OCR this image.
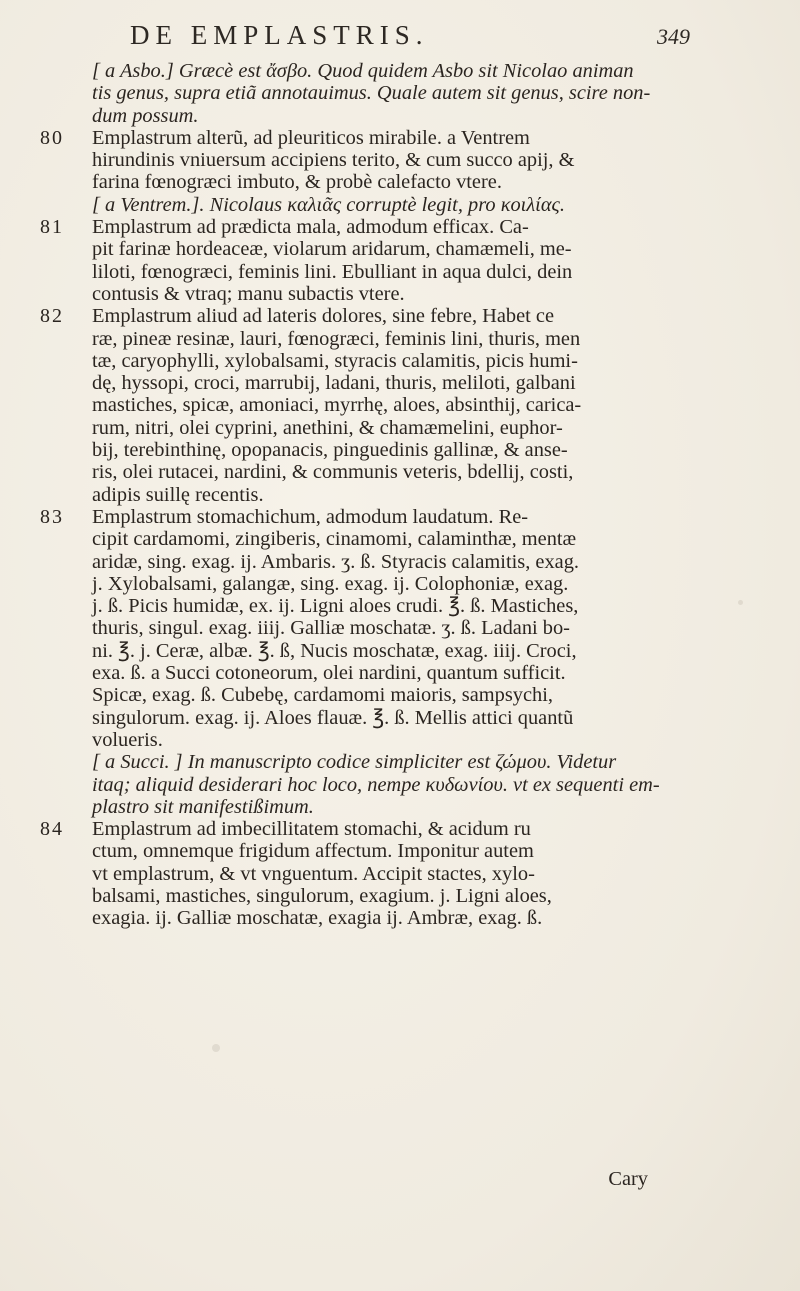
DE EMPLASTRIS.	349
[ a Asbo.] Græcè est ἄσβο. Quod quidem Asbo sit Nicolao animan
tis genus, supra etiã annotauimus. Quale autem sit genus, scire non-
dum possum.
80	Emplastrum alterũ, ad pleuriticos mirabile. a Ventrem
hirundinis vniuersum accipiens terito, & cum succo apij, &
farina fœnogræci imbuto, & probè calefacto vtere.
[ a Ventrem.]. Nicolaus καλιᾶς corruptè legit, pro κοιλίας.
81	Emplastrum ad prædicta mala, admodum efficax. Ca-
pit farinæ hordeaceæ, violarum aridarum, chamæmeli, me-
liloti, fœnogræci, feminis lini. Ebulliant in aqua dulci, dein
contusis & vtraq; manu subactis vtere.
82	Emplastrum aliud ad lateris dolores, sine febre, Habet ce
ræ, pineæ resinæ, lauri, fœnogræci, feminis lini, thuris, men
tæ, caryophylli, xylobalsami, styracis calamitis, picis humi-
dę, hyssopi, croci, marrubij, ladani, thuris, meliloti, galbani
mastiches, spicæ, amoniaci, myrrhę, aloes, absinthij, carica-
rum, nitri, olei cyprini, anethini, & chamæmelini, euphor-
bij, terebinthinę, opopanacis, pinguedinis gallinæ, & anse-
ris, olei rutacei, nardini, & communis veteris, bdellij, costi,
adipis suillę recentis.
83	Emplastrum stomachichum, admodum laudatum. Re-
cipit cardamomi, zingiberis, cinamomi, calaminthæ, mentæ
aridæ, sing. exag. ij. Ambaris. ʒ. ß. Styracis calamitis, exag.
j. Xylobalsami, galangæ, sing. exag. ij. Colophoniæ, exag.
j. ß. Picis humidæ, ex. ij. Ligni aloes crudi. ℥. ß. Mastiches,
thuris, singul. exag. iiij. Galliæ moschatæ. ʒ. ß. Ladani bo-
ni. ℥. j. Ceræ, albæ. ℥. ß, Nucis moschatæ, exag. iiij. Croci,
exa. ß. a Succi cotoneorum, olei nardini, quantum sufficit.
Spicæ, exag. ß. Cubebę, cardamomi maioris, sampsychi,
singulorum. exag. ij. Aloes flauæ. ℥. ß. Mellis attici quantũ
volueris.
[ a Succi. ] In manuscripto codice simpliciter est ζώμου. Videtur
itaq; aliquid desiderari hoc loco, nempe κυδωνίου. vt ex sequenti em-
plastro sit manifestißimum.
84	Emplastrum ad imbecillitatem stomachi, & acidum ru
ctum, omnemque frigidum affectum. Imponitur autem
vt emplastrum, & vt vnguentum. Accipit stactes, xylo-
balsami, mastiches, singulorum, exagium. j. Ligni aloes,
exagia. ij. Galliæ moschatæ, exagia ij. Ambræ, exag. ß.
Cary
